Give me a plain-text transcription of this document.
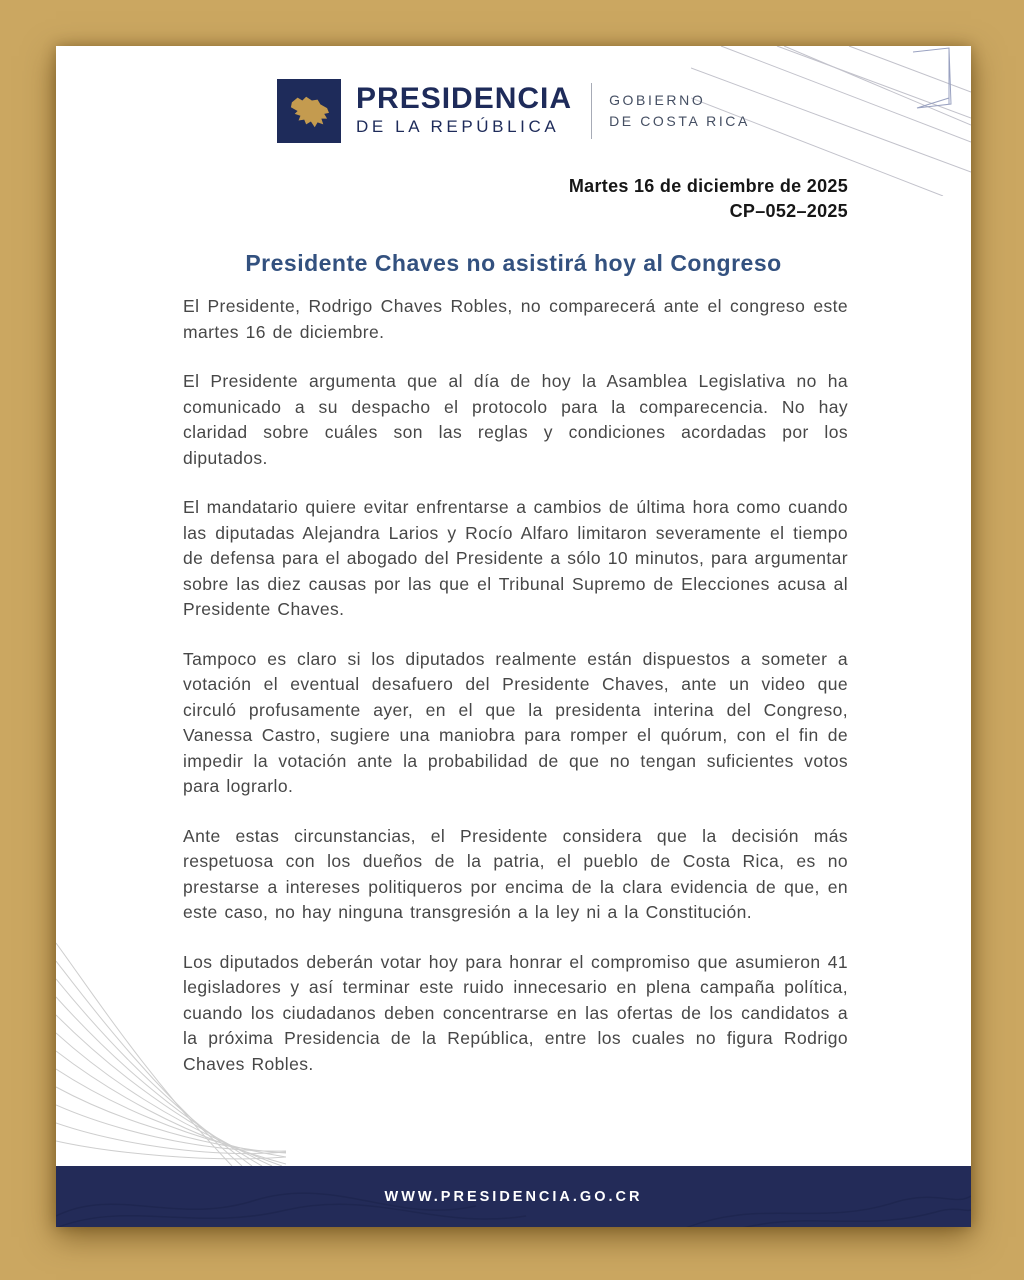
PRESIDENCIA
DE LA REPÚBLICA
GOBIERNO
DE COSTA RICA
Martes 16 de diciembre de 2025
CP–052–2025
Presidente Chaves no asistirá hoy al Congreso

El Presidente, Rodrigo Chaves Robles, no comparecerá ante el congreso este martes 16 de diciembre.

El Presidente argumenta que al día de hoy la Asamblea Legislativa no ha comunicado a su despacho el protocolo para la comparecencia. No hay claridad sobre cuáles son las reglas y condiciones acordadas por los diputados.

El mandatario quiere evitar enfrentarse a cambios de última hora como cuando las diputadas Alejandra Larios y Rocío Alfaro limitaron severamente el tiempo de defensa para el abogado del Presidente a sólo 10 minutos, para argumentar sobre las diez causas por las que el Tribunal Supremo de Elecciones acusa al Presidente Chaves.

Tampoco es claro si los diputados realmente están dispuestos a someter a votación el eventual desafuero del Presidente Chaves, ante un video que circuló profusamente ayer, en el que la presidenta interina del Congreso, Vanessa Castro, sugiere una maniobra para romper el quórum, con el fin de impedir la votación ante la probabilidad de que no tengan suficientes votos para lograrlo.

Ante estas circunstancias, el Presidente considera que la decisión más respetuosa con los dueños de la patria, el pueblo de Costa Rica, es no prestarse a intereses politiqueros por encima de la clara evidencia de que, en este caso, no hay ninguna transgresión a la ley ni a la Constitución.

Los diputados deberán votar hoy para honrar el compromiso que asumieron 41 legisladores y así terminar este ruido innecesario en plena campaña política, cuando los ciudadanos deben concentrarse en las ofertas de los candidatos a la próxima Presidencia de la República, entre los cuales no figura Rodrigo Chaves Robles.

WWW.PRESIDENCIA.GO.CR
